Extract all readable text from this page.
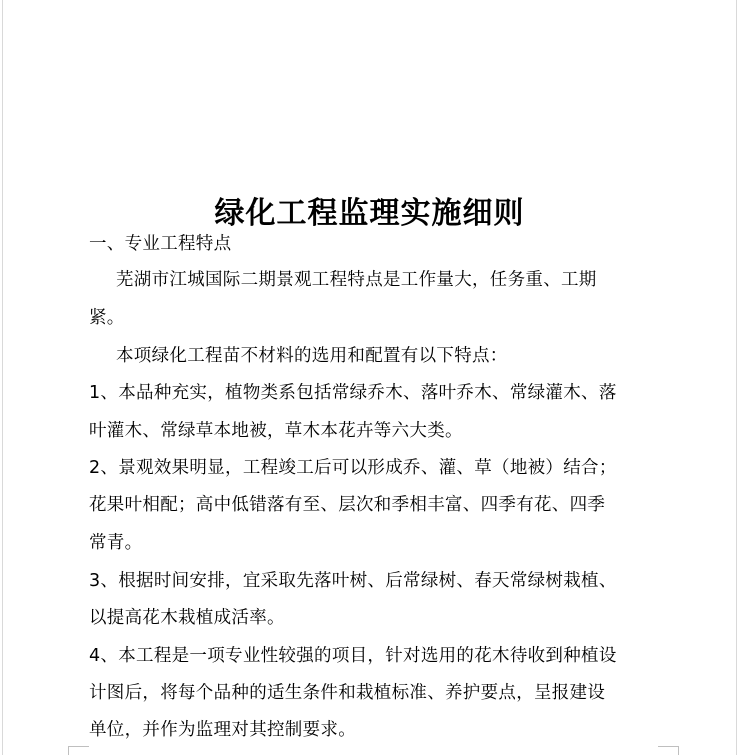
绿化工程监理实施细则
一、专业工程特点
芜湖市江城国际二期景观工程特点是工作量大，任务重、工期
紧。
本项绿化工程苗不材料的选用和配置有以下特点：
1、本品种充实，植物类系包括常绿乔木、落叶乔木、常绿灌木、落
叶灌木、常绿草本地被，草木本花卉等六大类。
2、景观效果明显，工程竣工后可以形成乔、灌、草（地被）结合；
花果叶相配；高中低错落有至、层次和季相丰富、四季有花、四季
常青。
3、根据时间安排，宜采取先落叶树、后常绿树、春天常绿树栽植、
以提高花木栽植成活率。
4、本工程是一项专业性较强的项目，针对选用的花木待收到种植设
计图后，将每个品种的适生条件和栽植标准、养护要点，呈报建设
单位，并作为监理对其控制要求。
